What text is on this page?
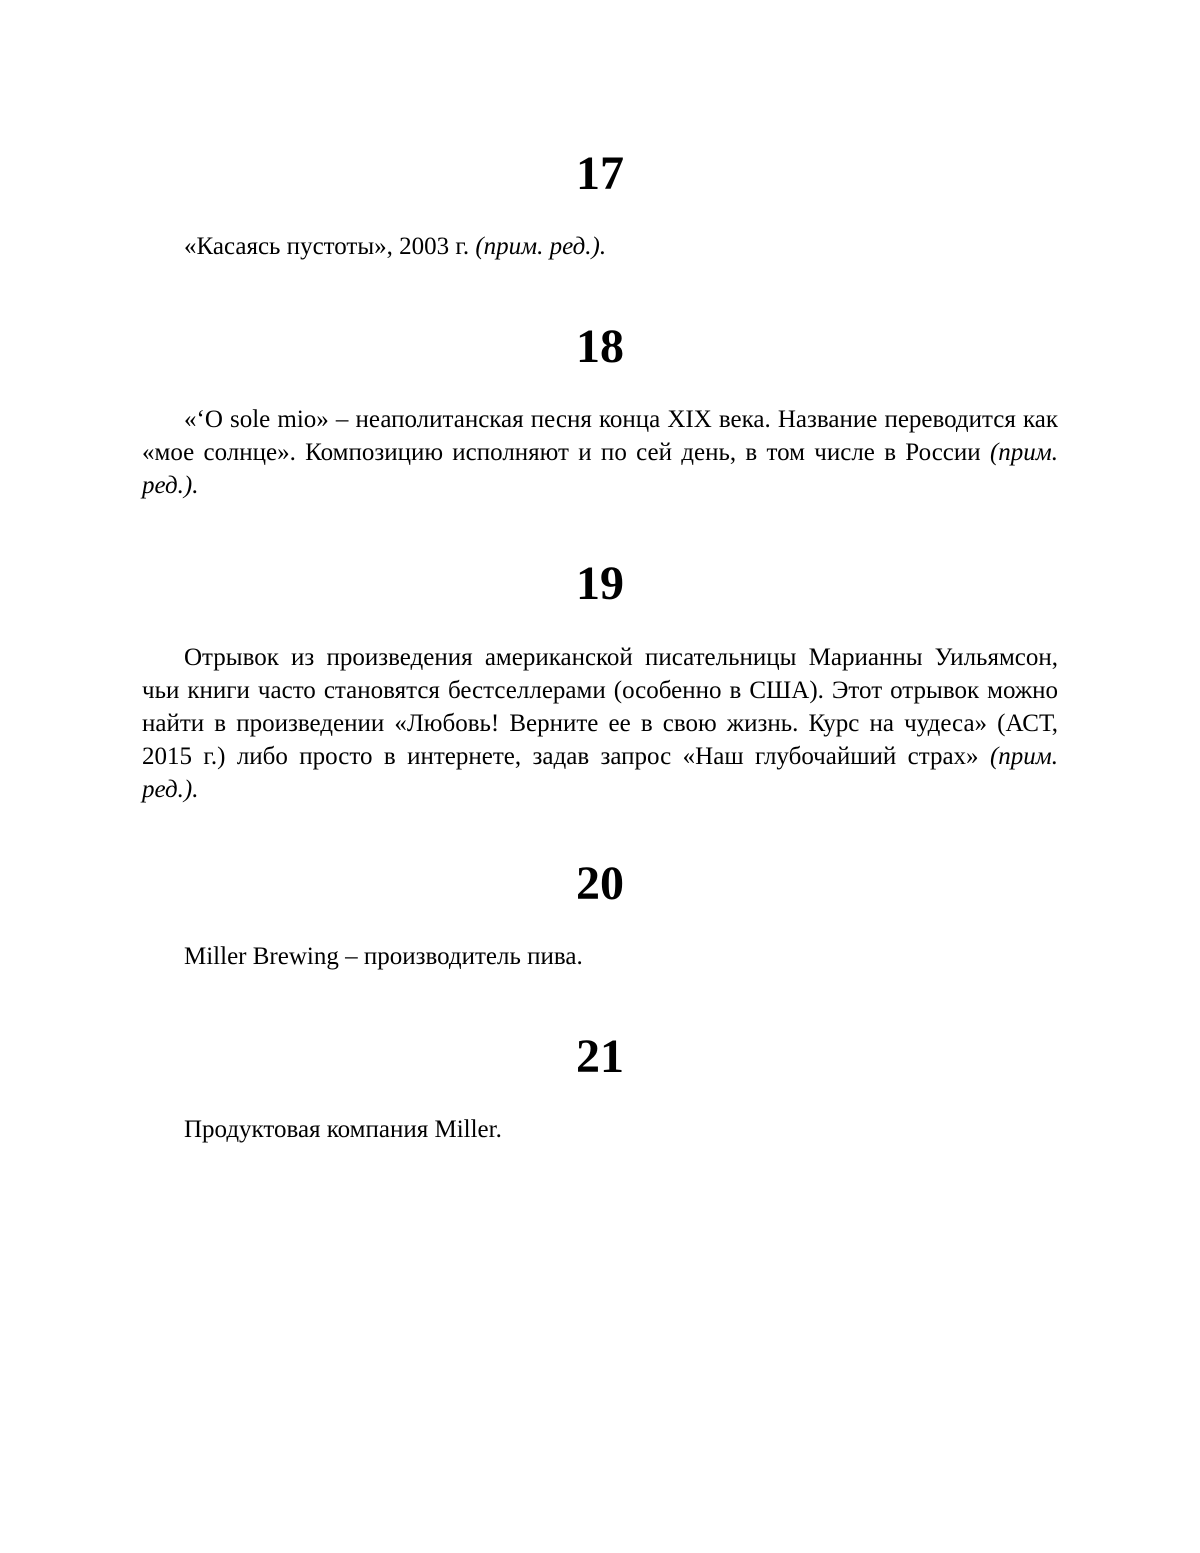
17

«Касаясь пустоты», 2003 г. (прим. ред.).

18

«‘O sole mio» – неаполитанская песня конца XIX века. Название переводится как «мое солнце». Композицию исполняют и по сей день, в том числе в России (прим. ред.).

19

Отрывок из произведения американской писательницы Марианны Уильямсон, чьи книги часто становятся бестселлерами (особенно в США). Этот отрывок можно найти в произведении «Любовь! Верните ее в свою жизнь. Курс на чудеса» (АСТ, 2015 г.) либо просто в интернете, задав запрос «Наш глубочайший страх» (прим. ред.).

20

Miller Brewing – производитель пива.

21

Продуктовая компания Miller.
